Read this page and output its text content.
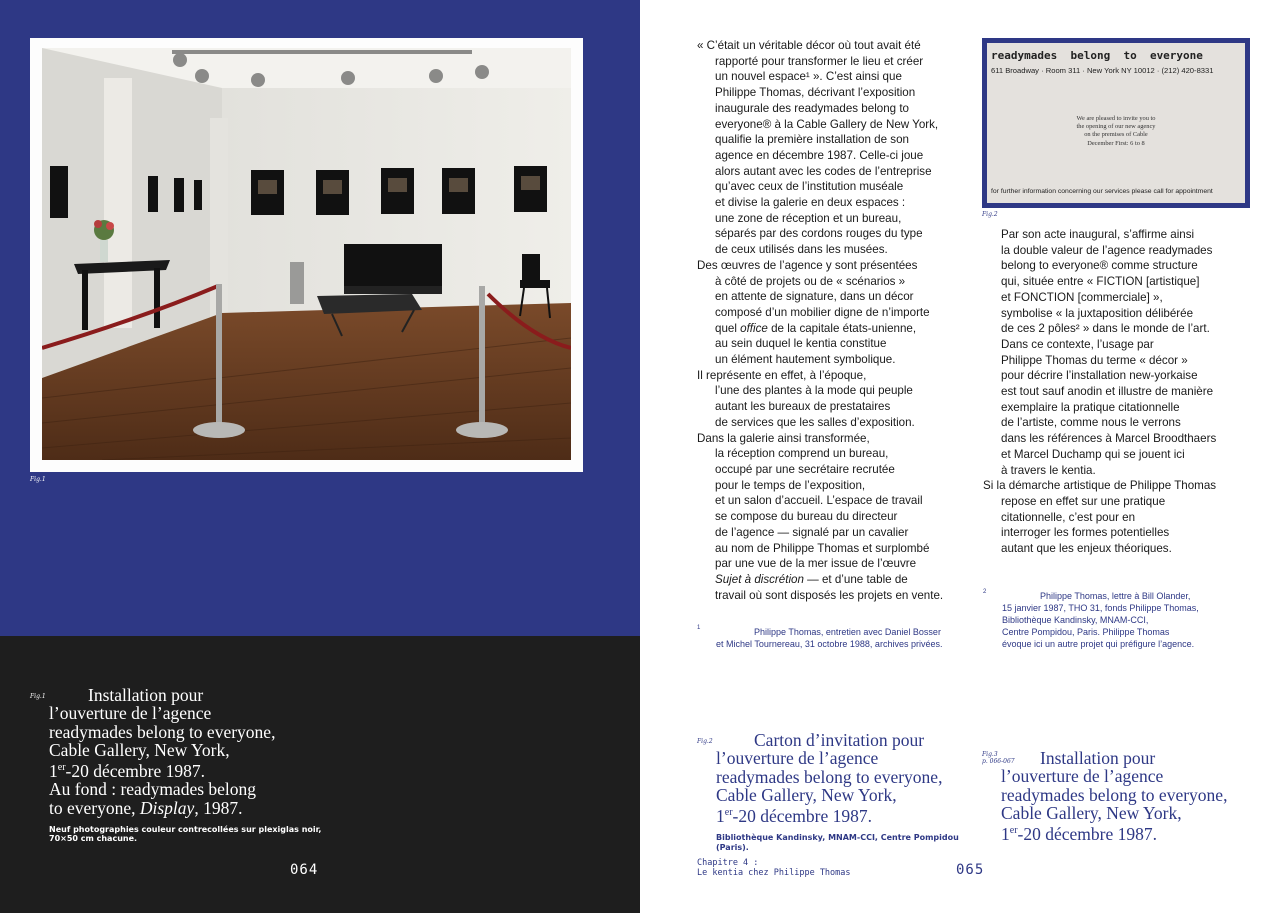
Fig.1
Fig.1	Installation pour
l’ouverture de l’agence
readymades belong to everyone,
Cable Gallery, New York,
1er-20 décembre 1987.
Au fond : readymades belong
to everyone, Display, 1987.
Neuf photographies couleur contrecollées sur plexiglas noir,
70×50 cm chacune.
064
« C’était un véritable décor où tout avait été
rapporté pour transformer le lieu et créer
un nouvel espace¹ ». C’est ainsi que
Philippe Thomas, décrivant l’exposition
inaugurale des readymades belong to
everyone® à la Cable Gallery de New York,
qualifie la première installation de son
agence en décembre 1987. Celle-ci joue
alors autant avec les codes de l’entreprise
qu’avec ceux de l’institution muséale
et divise la galerie en deux espaces :
une zone de réception et un bureau,
séparés par des cordons rouges du type
de ceux utilisés dans les musées.
Des œuvres de l’agence y sont présentées
à côté de projets ou de « scénarios »
en attente de signature, dans un décor
composé d’un mobilier digne de n’importe
quel office de la capitale états-unienne,
au sein duquel le kentia constitue
un élément hautement symbolique.
Il représente en effet, à l’époque,
l’une des plantes à la mode qui peuple
autant les bureaux de prestataires
de services que les salles d’exposition.
Dans la galerie ainsi transformée,
la réception comprend un bureau,
occupé par une secrétaire recrutée
pour le temps de l’exposition,
et un salon d’accueil. L’espace de travail
se compose du bureau du directeur
de l’agence — signalé par un cavalier
au nom de Philippe Thomas et surplombé
par une vue de la mer issue de l’œuvre
Sujet à discrétion — et d’une table de
travail où sont disposés les projets en vente.
1	Philippe Thomas, entretien avec Daniel Bosser
et Michel Tournereau, 31 octobre 1988, archives privées.
readymades  belong  to  everyone
611 Broadway · Room 311 · New York NY 10012 · (212) 420-8331
We are pleased to invite you to
the opening of our new agency
on the premises of Cable
December First: 6 to 8
for further information concerning our services please call for appointment
Fig.2
Par son acte inaugural, s’affirme ainsi
la double valeur de l’agence readymades
belong to everyone® comme structure
qui, située entre « FICTION [artistique]
et FONCTION [commerciale] »,
symbolise « la juxtaposition délibérée
de ces 2 pôles² » dans le monde de l’art.
Dans ce contexte, l’usage par
Philippe Thomas du terme « décor »
pour décrire l’installation new-yorkaise
est tout sauf anodin et illustre de manière
exemplaire la pratique citationnelle
de l’artiste, comme nous le verrons
dans les références à Marcel Broodthaers
et Marcel Duchamp qui se jouent ici
à travers le kentia.
Si la démarche artistique de Philippe Thomas
repose en effet sur une pratique
citationnelle, c’est pour en
interroger les formes potentielles
autant que les enjeux théoriques.
2	Philippe Thomas, lettre à Bill Olander,
15 janvier 1987, THO 31, fonds Philippe Thomas,
Bibliothèque Kandinsky, MNAM-CCI,
Centre Pompidou, Paris. Philippe Thomas
évoque ici un autre projet qui préfigure l’agence.
Fig.2	Carton d’invitation pour
l’ouverture de l’agence
readymades belong to everyone,
Cable Gallery, New York,
1er-20 décembre 1987.
Bibliothèque Kandinsky, MNAM-CCI, Centre Pompidou (Paris).
Fig.3
p. 066-067	Installation pour
l’ouverture de l’agence
readymades belong to everyone,
Cable Gallery, New York,
1er-20 décembre 1987.
Chapitre 4 :
Le kentia chez Philippe Thomas	065
